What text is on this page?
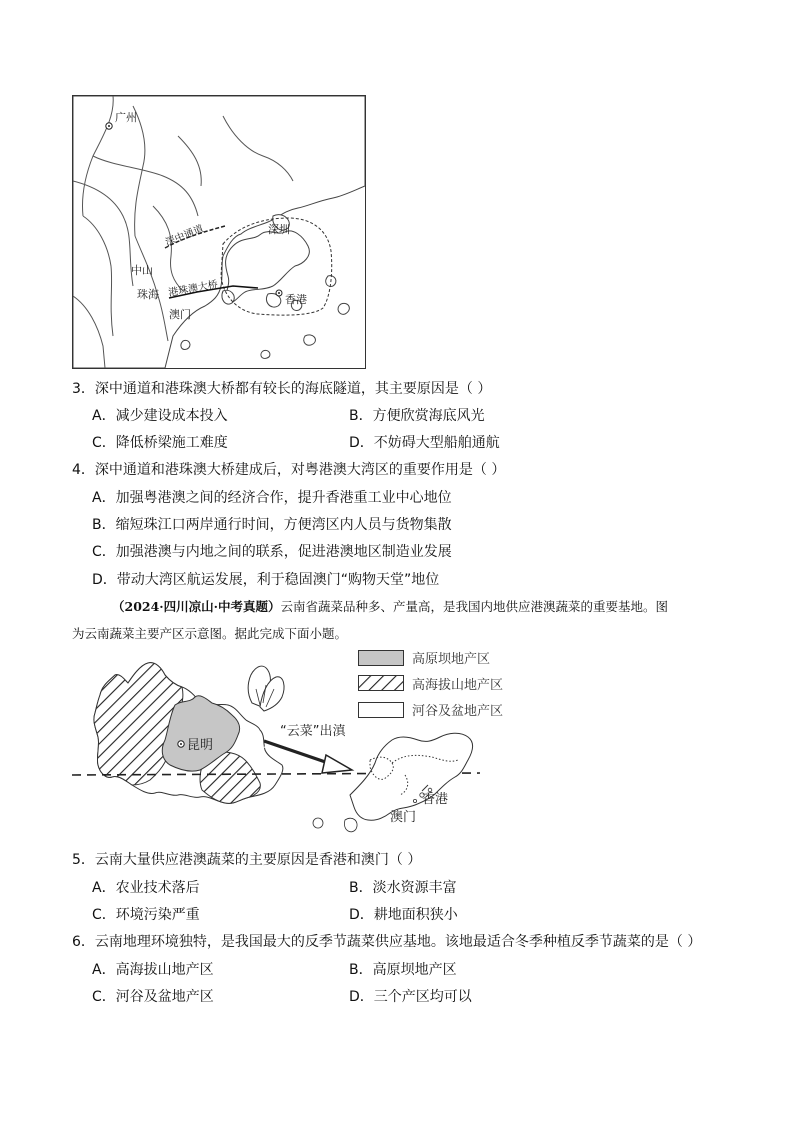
广州
深中通道	深圳
中山
珠海 港珠澳大桥
澳门
香港
3．深中通道和港珠澳大桥都有较长的海底隧道，其主要原因是（ ）
A．减少建设成本投入	B．方便欣赏海底风光
C．降低桥梁施工难度	D．不妨碍大型船舶通航
4．深中通道和港珠澳大桥建成后，对粤港澳大湾区的重要作用是（ ）
A．加强粤港澳之间的经济合作，提升香港重工业中心地位
B．缩短珠江口两岸通行时间，方便湾区内人员与货物集散
C．加强港澳与内地之间的联系，促进港澳地区制造业发展
D．带动大湾区航运发展，利于稳固澳门“购物天堂”地位
（2024·四川凉山·中考真题）云南省蔬菜品种多、产量高，是我国内地供应港澳蔬菜的重要基地。图
为云南蔬菜主要产区示意图。据此完成下面小题。
昆明
“云菜”出滇
香港
澳门
高原坝地产区
高海拔山地产区
河谷及盆地产区
5．云南大量供应港澳蔬菜的主要原因是香港和澳门（ ）
A．农业技术落后	B．淡水资源丰富
C．环境污染严重	D．耕地面积狭小
6．云南地理环境独特，是我国最大的反季节蔬菜供应基地。该地最适合冬季种植反季节蔬菜的是（ ）
A．高海拔山地产区	B．高原坝地产区
C．河谷及盆地产区	D．三个产区均可以
